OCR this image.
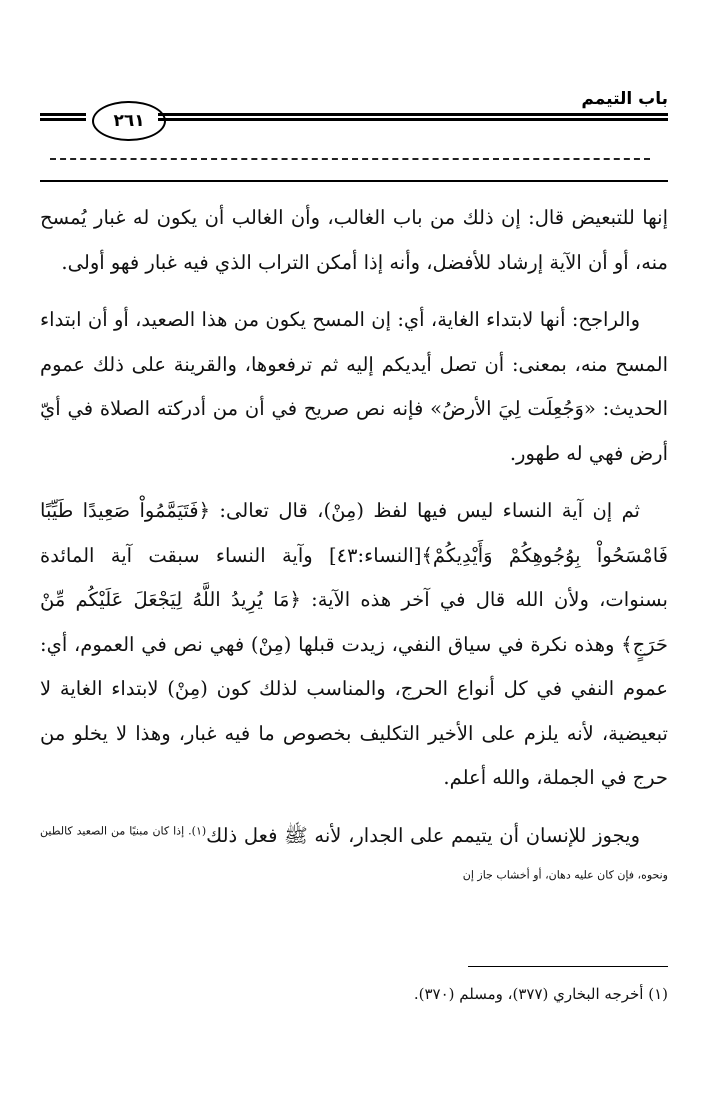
باب التيمم
٢٦١

إنها للتبعيض قال: إن ذلك من باب الغالب، وأن الغالب أن يكون له غبار يُمسح منه، أو أن الآية إرشاد للأفضل، وأنه إذا أمكن التراب الذي فيه غبار فهو أولى.

والراجح: أنها لابتداء الغاية، أي: إن المسح يكون من هذا الصعيد، أو أن ابتداء المسح منه، بمعنى: أن تصل أيديكم إليه ثم ترفعوها، والقرينة على ذلك عموم الحديث: «وَجُعِلَت لِيَ الأرضُ» فإنه نص صريح في أن من أدركته الصلاة في أيّ أرض فهي له طهور.

ثم إن آية النساء ليس فيها لفظ (مِنْ)، قال تعالى: ﴿فَتَيَمَّمُواْ صَعِيدًا طَيِّبًا فَامْسَحُواْ بِوُجُوهِكُمْ وَأَيْدِيكُمْ﴾[النساء:٤٣] وآية النساء سبقت آية المائدة بسنوات، ولأن الله قال في آخر هذه الآية: ﴿مَا يُرِيدُ اللَّهُ لِيَجْعَلَ عَلَيْكُم مِّنْ حَرَجٍ﴾ وهذه نكرة في سياق النفي، زيدت قبلها (مِنْ) فهي نص في العموم، أي: عموم النفي في كل أنواع الحرج، والمناسب لذلك كون (مِنْ) لابتداء الغاية لا تبعيضية، لأنه يلزم على الأخير التكليف بخصوص ما فيه غبار، وهذا لا يخلو من حرج في الجملة، والله أعلم.

ويجوز للإنسان أن يتيمم على الجدار، لأنه ﷺ فعل ذلك$^{(١). إذا كان مبنيًا من الصعيد كالطين ونحوه، فإن كان عليه دهان، أو أخشاب جاز إن}$

(١) أخرجه البخاري (٣٧٧)، ومسلم (٣٧٠).
